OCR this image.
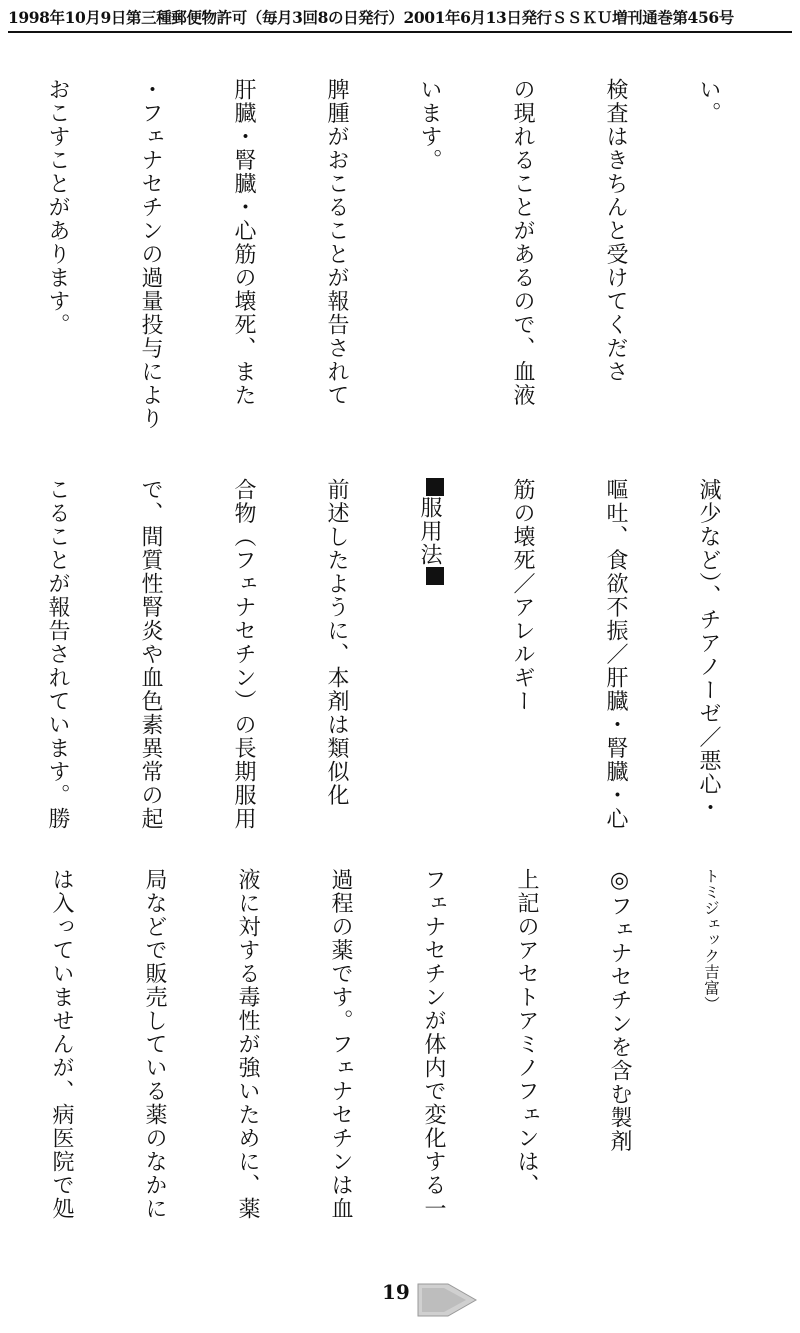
1998年10月9日第三種郵便物許可（毎月3回8の日発行）2001年6月13日発行ＳＳＫＵ増刊通巻第456号

い。

検査はきちんと受けてくださ

の現れることがあるので、血液

います。

脾腫がおこることが報告されて

肝臓・腎臓・心筋の壊死、また

・フェナセチンの過量投与により

おこすことがあります。

減少など）、チアノーゼ／悪心・

嘔吐、食欲不振／肝臓・腎臓・心

筋の壊死／アレルギー

服用法

前述したように、本剤は類似化

合物（フェナセチン）の長期服用

で、間質性腎炎や血色素異常の起

こることが報告されています。勝

トミジェック吉富）

◎フェナセチンを含む製剤

上記のアセトアミノフェンは、

フェナセチンが体内で変化する一

過程の薬です。フェナセチンは血

液に対する毒性が強いために、薬

局などで販売している薬のなかに

は入っていませんが、病医院で処

19
